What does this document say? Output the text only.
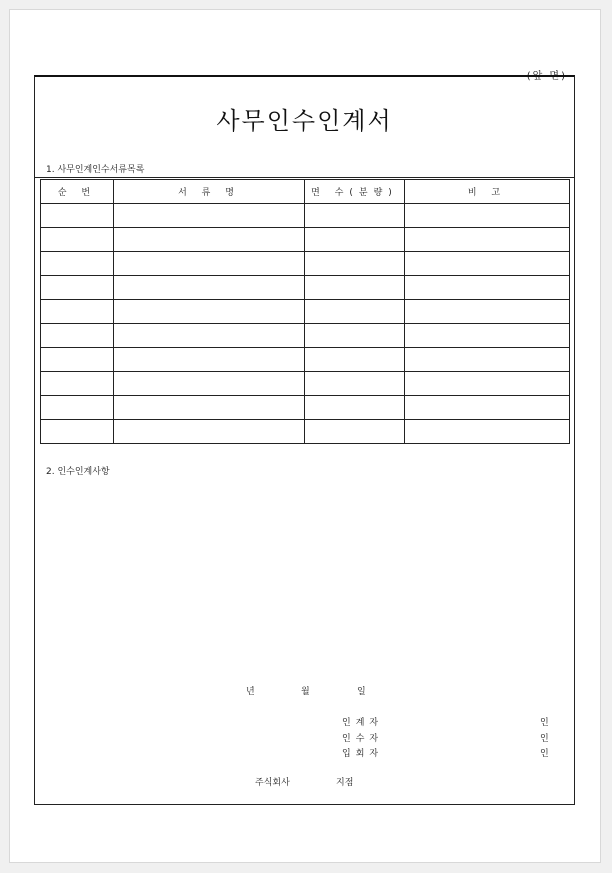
(앞 면)
사무인수인계서
1. 사무인계인수서류목록
순 번	서 류 명	면 수(분량)	비 고

2. 인수인계사항
년	월	일
인계자	인
인수자	인
입회자	인
주식회사	지점
